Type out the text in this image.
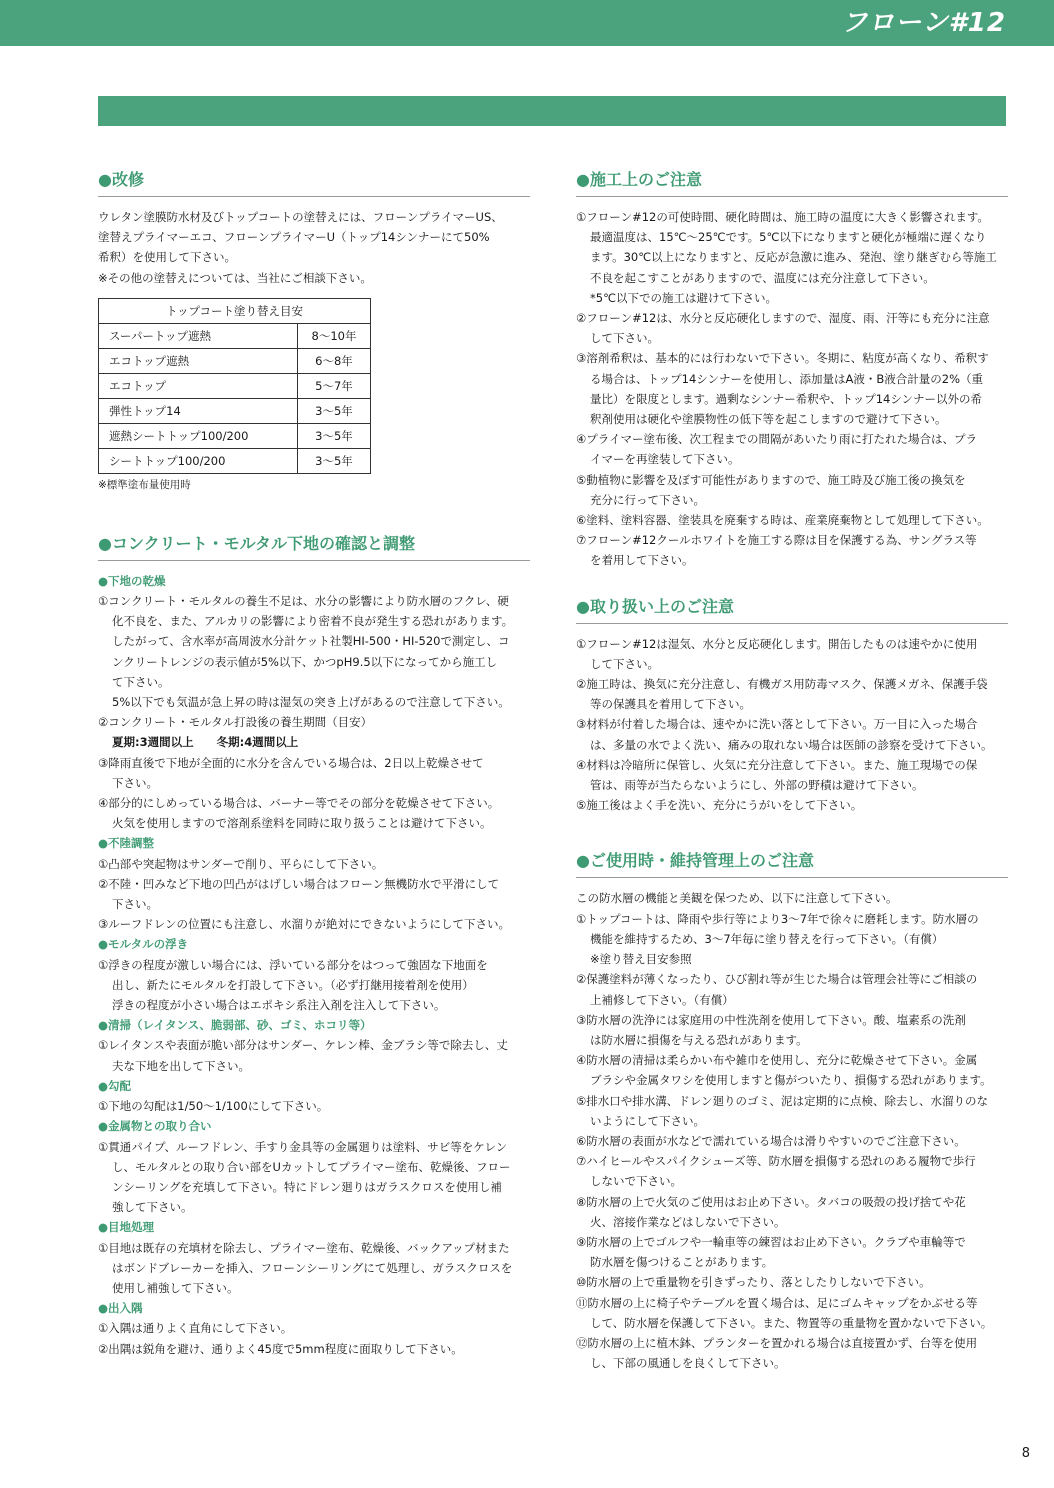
フローン#12
●改修
ウレタン塗膜防水材及びトップコートの塗替えには、フローンプライマーUS、
塗替えプライマーエコ、フローンプライマーU（トップ14シンナーにて50%
希釈）を使用して下さい。
※その他の塗替えについては、当社にご相談下さい。
トップコート塗り替え目安	
スーパートップ遮熱	8〜10年
エコトップ遮熱	6〜8年
エコトップ	5〜7年
弾性トップ14	3〜5年
遮熱シートトップ100/200	3〜5年
シートトップ100/200	3〜5年
※標準塗布量使用時
●コンクリート・モルタル下地の確認と調整
●下地の乾燥
①コンクリート・モルタルの養生不足は、水分の影響により防水層のフクレ、硬
化不良を、また、アルカリの影響により密着不良が発生する恐れがあります。
したがって、含水率が高周波水分計ケット社製HI-500・HI-520で測定し、コ
ンクリートレンジの表示値が5%以下、かつpH9.5以下になってから施工し
て下さい。
5%以下でも気温が急上昇の時は湿気の突き上げがあるので注意して下さい。
②コンクリート・モルタル打設後の養生期間（目安）
夏期:3週間以上　　冬期:4週間以上
③降雨直後で下地が全面的に水分を含んでいる場合は、2日以上乾燥させて
下さい。
④部分的にしめっている場合は、バーナー等でその部分を乾燥させて下さい。
火気を使用しますので溶剤系塗料を同時に取り扱うことは避けて下さい。
●不陸調整
①凸部や突起物はサンダーで削り、平らにして下さい。
②不陸・凹みなど下地の凹凸がはげしい場合はフローン無機防水で平滑にして
下さい。
③ルーフドレンの位置にも注意し、水溜りが絶対にできないようにして下さい。
●モルタルの浮き
①浮きの程度が激しい場合には、浮いている部分をはつって強固な下地面を
出し、新たにモルタルを打設して下さい。（必ず打継用接着剤を使用）
浮きの程度が小さい場合はエポキシ系注入剤を注入して下さい。
●清掃（レイタンス、脆弱部、砂、ゴミ、ホコリ等）
①レイタンスや表面が脆い部分はサンダー、ケレン棒、金ブラシ等で除去し、丈
夫な下地を出して下さい。
●勾配
①下地の勾配は1/50〜1/100にして下さい。
●金属物との取り合い
①貫通パイプ、ルーフドレン、手すり金具等の金属廻りは塗料、サビ等をケレン
し、モルタルとの取り合い部をUカットしてプライマー塗布、乾燥後、フロー
ンシーリングを充填して下さい。特にドレン廻りはガラスクロスを使用し補
強して下さい。
●目地処理
①目地は既存の充填材を除去し、プライマー塗布、乾燥後、バックアップ材また
はボンドブレーカーを挿入、フローンシーリングにて処理し、ガラスクロスを
使用し補強して下さい。
●出入隅
①入隅は通りよく直角にして下さい。
②出隅は鋭角を避け、通りよく45度で5mm程度に面取りして下さい。
●施工上のご注意
①フローン#12の可使時間、硬化時間は、施工時の温度に大きく影響されます。
最適温度は、15℃〜25℃です。5℃以下になりますと硬化が極端に遅くなり
ます。30℃以上になりますと、反応が急激に進み、発泡、塗り継ぎむら等施工
不良を起こすことがありますので、温度には充分注意して下さい。
*5℃以下での施工は避けて下さい。
②フローン#12は、水分と反応硬化しますので、湿度、雨、汗等にも充分に注意
して下さい。
③溶剤希釈は、基本的には行わないで下さい。冬期に、粘度が高くなり、希釈す
る場合は、トップ14シンナーを使用し、添加量はA液・B液合計量の2%（重
量比）を限度とします。過剰なシンナー希釈や、トップ14シンナー以外の希
釈剤使用は硬化や塗膜物性の低下等を起こしますので避けて下さい。
④プライマー塗布後、次工程までの間隔があいたり雨に打たれた場合は、プラ
イマーを再塗装して下さい。
⑤動植物に影響を及ぼす可能性がありますので、施工時及び施工後の換気を
充分に行って下さい。
⑥塗料、塗料容器、塗装具を廃棄する時は、産業廃棄物として処理して下さい。
⑦フローン#12クールホワイトを施工する際は目を保護する為、サングラス等
を着用して下さい。
●取り扱い上のご注意
①フローン#12は湿気、水分と反応硬化します。開缶したものは速やかに使用
して下さい。
②施工時は、換気に充分注意し、有機ガス用防毒マスク、保護メガネ、保護手袋
等の保護具を着用して下さい。
③材料が付着した場合は、速やかに洗い落として下さい。万一目に入った場合
は、多量の水でよく洗い、痛みの取れない場合は医師の診察を受けて下さい。
④材料は冷暗所に保管し、火気に充分注意して下さい。また、施工現場での保
管は、雨等が当たらないようにし、外部の野積は避けて下さい。
⑤施工後はよく手を洗い、充分にうがいをして下さい。
●ご使用時・維持管理上のご注意
この防水層の機能と美観を保つため、以下に注意して下さい。
①トップコートは、降雨や歩行等により3〜7年で徐々に磨耗します。防水層の
機能を維持するため、3〜7年毎に塗り替えを行って下さい。（有償）
※塗り替え目安参照
②保護塗料が薄くなったり、ひび割れ等が生じた場合は管理会社等にご相談の
上補修して下さい。（有償）
③防水層の洗浄には家庭用の中性洗剤を使用して下さい。酸、塩素系の洗剤
は防水層に損傷を与える恐れがあります。
④防水層の清掃は柔らかい布や雑巾を使用し、充分に乾燥させて下さい。金属
ブラシや金属タワシを使用しますと傷がついたり、損傷する恐れがあります。
⑤排水口や排水溝、ドレン廻りのゴミ、泥は定期的に点検、除去し、水溜りのな
いようにして下さい。
⑥防水層の表面が水などで濡れている場合は滑りやすいのでご注意下さい。
⑦ハイヒールやスパイクシューズ等、防水層を損傷する恐れのある履物で歩行
しないで下さい。
⑧防水層の上で火気のご使用はお止め下さい。タバコの吸殻の投げ捨てや花
火、溶接作業などはしないで下さい。
⑨防水層の上でゴルフや一輪車等の練習はお止め下さい。クラブや車輪等で
防水層を傷つけることがあります。
⑩防水層の上で重量物を引きずったり、落としたりしないで下さい。
⑪防水層の上に椅子やテーブルを置く場合は、足にゴムキャップをかぶせる等
して、防水層を保護して下さい。また、物置等の重量物を置かないで下さい。
⑫防水層の上に植木鉢、プランターを置かれる場合は直接置かず、台等を使用
し、下部の風通しを良くして下さい。
8
